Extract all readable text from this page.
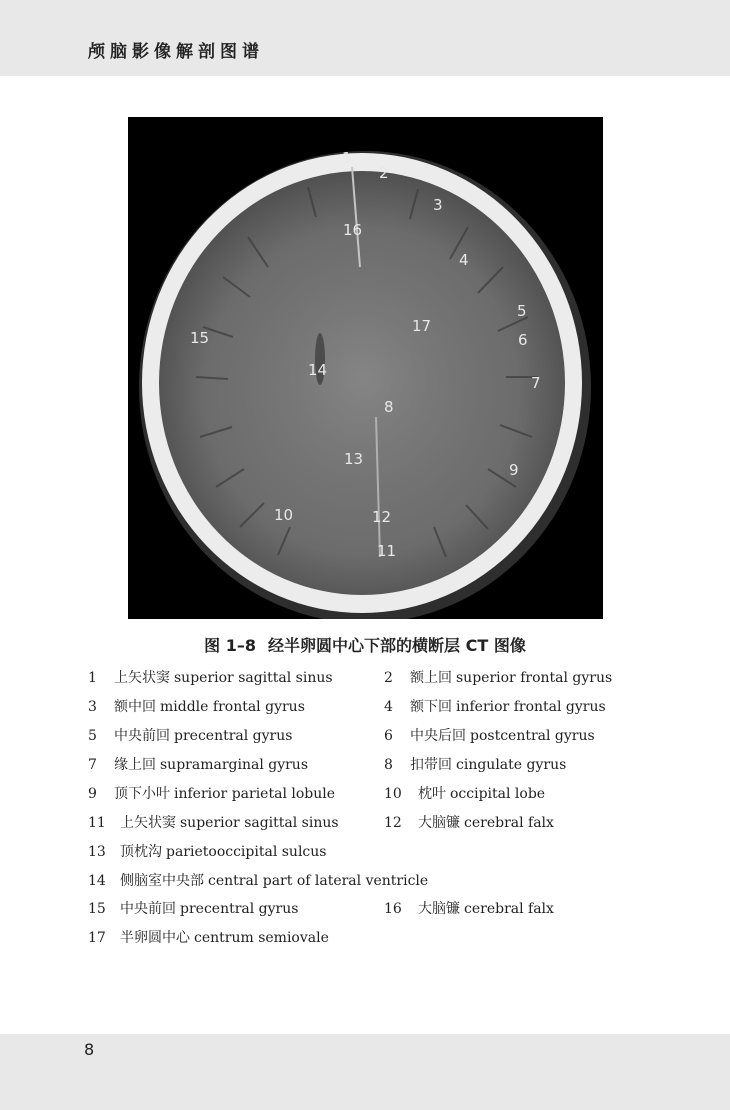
颅脑影像解剖图谱
1
2
3
4
5
6
7
8
9
10
11
12
13
14
15
16
17
图 1–8 经半卵圆中心下部的横断层 CT 图像
1 上矢状窦 superior sagittal sinus	2 额上回 superior frontal gyrus
3 额中回 middle frontal gyrus	4 额下回 inferior frontal gyrus
5 中央前回 precentral gyrus	6 中央后回 postcentral gyrus
7 缘上回 supramarginal gyrus	8 扣带回 cingulate gyrus
9 顶下小叶 inferior parietal lobule	10 枕叶 occipital lobe
11 上矢状窦 superior sagittal sinus	12 大脑镰 cerebral falx
13 顶枕沟 parietooccipital sulcus
14 侧脑室中央部 central part of lateral ventricle
15 中央前回 precentral gyrus	16 大脑镰 cerebral falx
17 半卵圆中心 centrum semiovale
8
